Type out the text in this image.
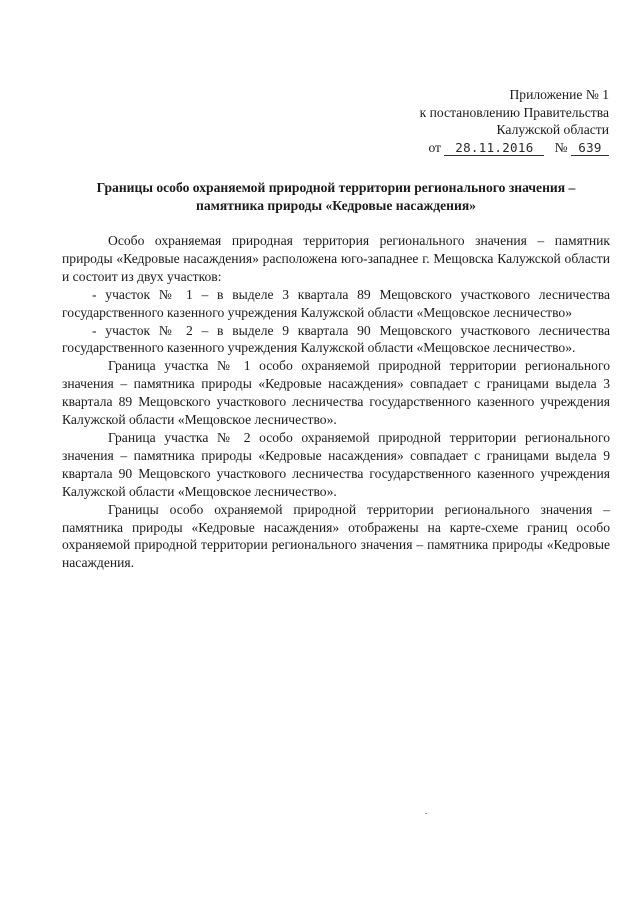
Приложение № 1
к постановлению Правительства
Калужской области
от 28.11.2016 № 639
Границы особо охраняемой природной территории регионального значения –
памятника природы «Кедровые насаждения»

Особо охраняемая природная территория регионального значения – памятник природы «Кедровые насаждения» расположена юго-западнее г. Мещовска Калужской области и состоит из двух участков:

- участок № 1 – в выделе 3 квартала 89 Мещовского участкового лесничества государственного казенного учреждения Калужской области «Мещовское лесничество»

- участок № 2 – в выделе 9 квартала 90 Мещовского участкового лесничества государственного казенного учреждения Калужской области «Мещовское лесничество».

Граница участка № 1 особо охраняемой природной территории регионального значения – памятника природы «Кедровые насаждения» совпадает с границами выдела 3 квартала 89 Мещовского участкового лесничества государственного казенного учреждения Калужской области «Мещовское лесничество».

Граница участка № 2 особо охраняемой природной территории регионального значения – памятника природы «Кедровые насаждения» совпадает с границами выдела 9 квартала 90 Мещовского участкового лесничества государственного казенного учреждения Калужской области «Мещовское лесничество».

Границы особо охраняемой природной территории регионального значения – памятника природы «Кедровые насаждения» отображены на карте-схеме границ особо охраняемой природной территории регионального значения – памятника природы «Кедровые насаждения.
